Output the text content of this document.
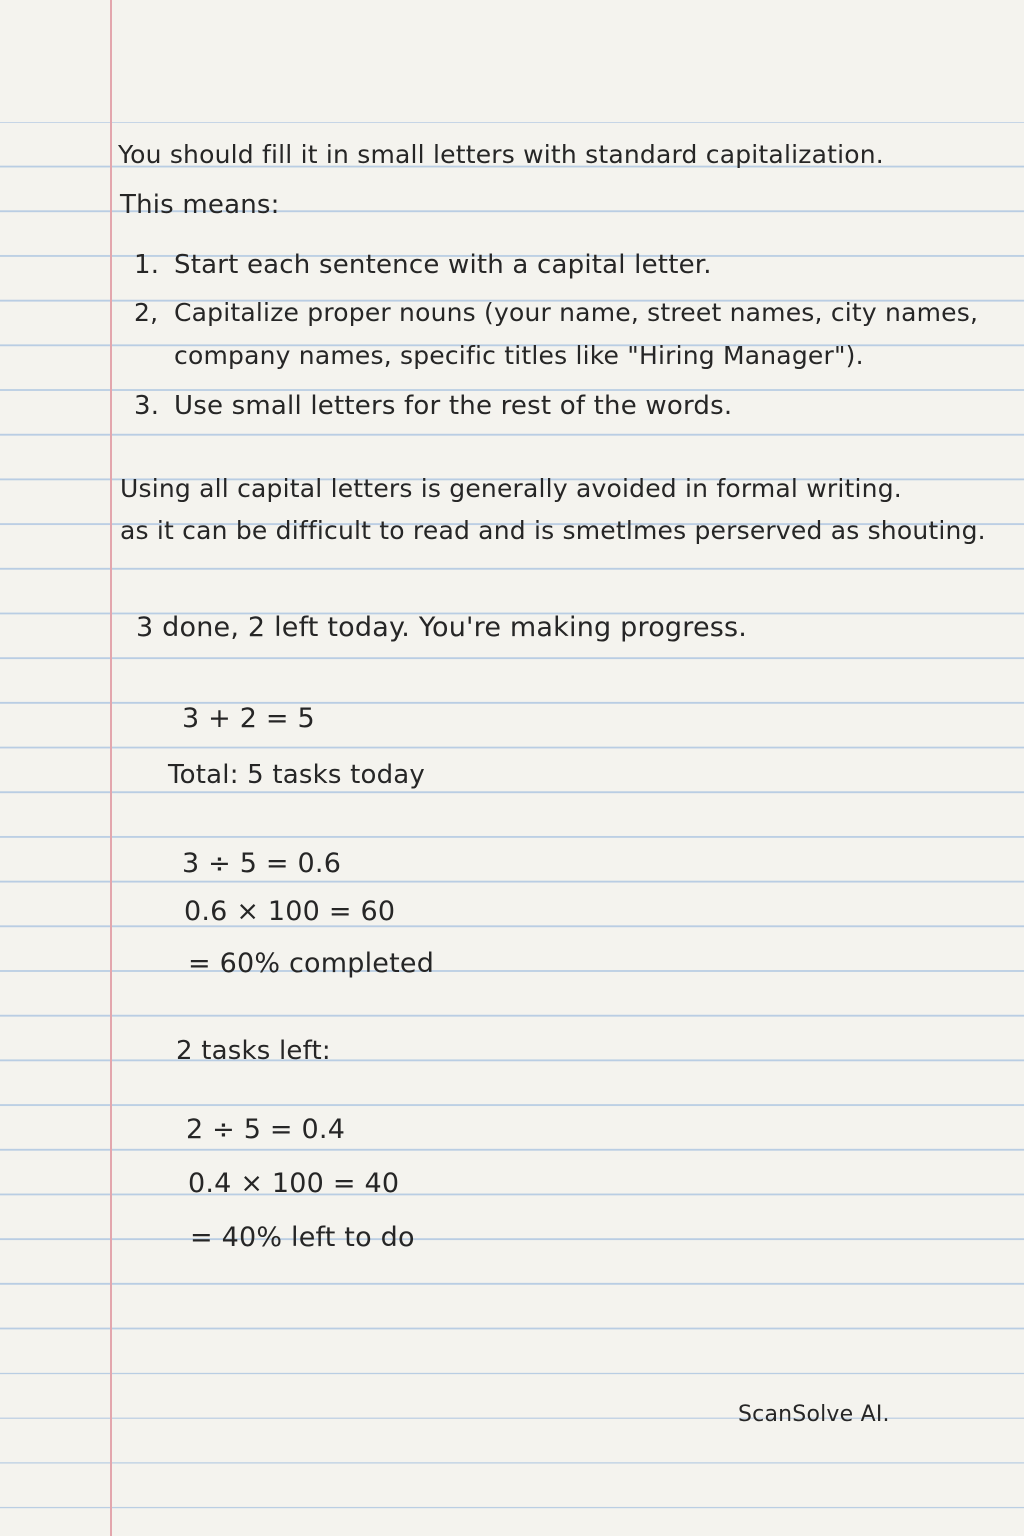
You should fill it in small letters with standard capitalization.
This means:
1. Start each sentence with a capital letter.
2, Capitalize proper nouns (your name, street names, city names,
company names, specific titles like "Hiring Manager").
3. Use small letters for the rest of the words.
Using all capital letters is generally avoided in formal writing.
as it can be difficult to read and is smetlmes perserved as shouting.
3 done, 2 left today. You're making progress.
3 + 2 = 5
Total: 5 tasks today
3 ÷ 5 = 0.6
0.6 × 100 = 60
= 60% completed
2 tasks left:
2 ÷ 5 = 0.4
0.4 × 100 = 40
= 40% left to do
ScanSolve AI.
